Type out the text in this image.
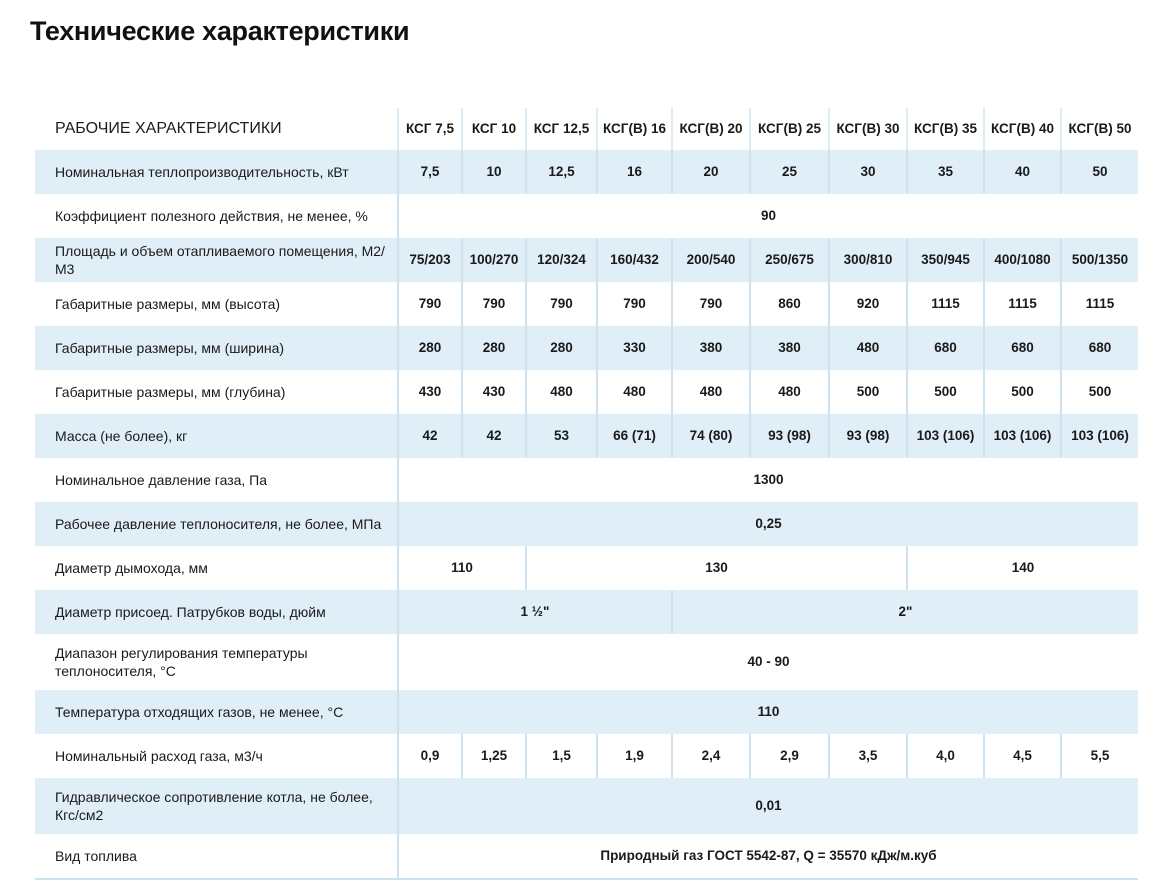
Технические характеристики
РАБОЧИЕ ХАРАКТЕРИСТИКИ	КСГ 7,5	КСГ 10	КСГ 12,5	КСГ(В) 16	КСГ(В) 20	КСГ(В) 25	КСГ(В) 30	КСГ(В) 35	КСГ(В) 40	КСГ(В) 50
Номинальная теплопроизводительность, кВт	7,5	10	12,5	16	20	25	30	35	40	50
Коэффициент полезного действия, не менее, %	90									
Площадь и объем отапливаемого помещения, М2/М3	75/203	100/270	120/324	160/432	200/540	250/675	300/810	350/945	400/1080	500/1350
Габаритные размеры, мм (высота)	790	790	790	790	790	860	920	1115	1115	1115
Габаритные размеры, мм (ширина)	280	280	280	330	380	380	480	680	680	680
Габаритные размеры, мм (глубина)	430	430	480	480	480	480	500	500	500	500
Масса (не более), кг	42	42	53	66 (71)	74 (80)	93 (98)	93 (98)	103 (106)	103 (106)	103 (106)
Номинальное давление газа, Па	1300									
Рабочее давление теплоносителя, не более, МПа	0,25									
Диаметр дымохода, мм	110		130					140		
Диаметр присоед. Патрубков воды, дюйм	1 ½"				2"					
Диапазон регулирования температуры теплоносителя, °С	40 - 90									
Температура отходящих газов, не менее, °С	110									
Номинальный расход газа, м3/ч	0,9	1,25	1,5	1,9	2,4	2,9	3,5	4,0	4,5	5,5
Гидравлическое сопротивление котла, не более, Кгс/см2	0,01									
Вид топлива	Природный газ ГОСТ 5542-87, Q = 35570 кДж/м.куб									
